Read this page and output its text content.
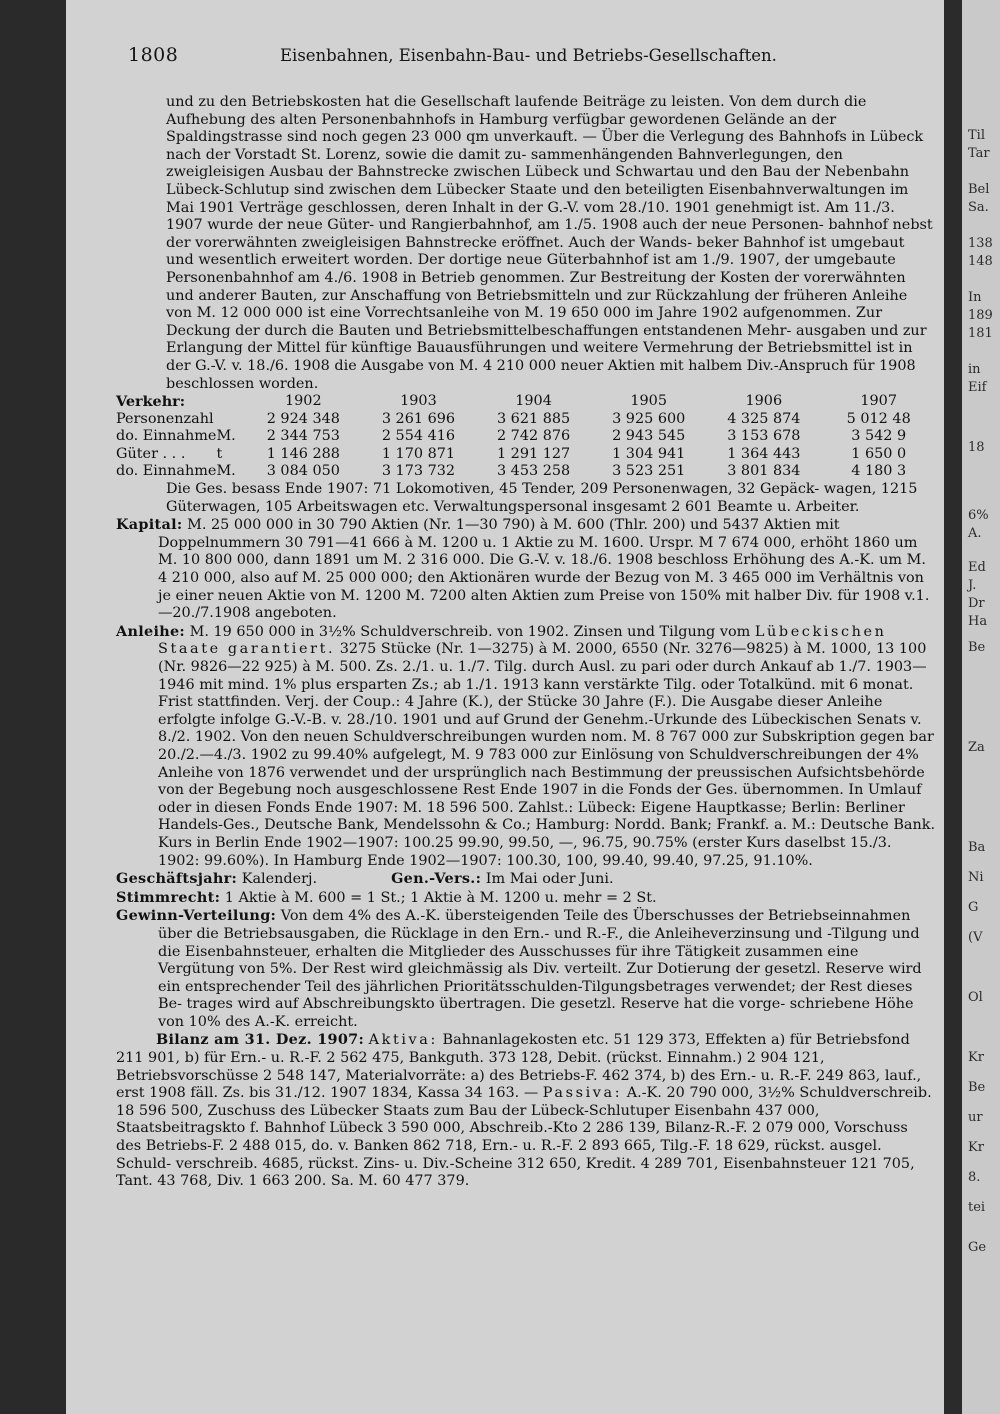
Til
Tar
Bel
Sa.
138
148
In
189
181
in
Eif
18
6%
A.
Ed
J.
Dr
Ha
Be
Za
Ba
Ni
G
(V
Ol
Kr
Be
ur
Kr
8.
tei
Ge
1808	Eisenbahnen, Eisenbahn-Bau- und Betriebs-Gesellschaften.
und zu den Betriebskosten hat die Gesellschaft laufende Beiträge zu leisten. Von dem durch die Aufhebung des alten Personenbahnhofs in Hamburg verfügbar gewordenen Gelände an der Spaldingstrasse sind noch gegen 23 000 qm unverkauft. — Über die Verlegung des Bahnhofs in Lübeck nach der Vorstadt St. Lorenz, sowie die damit zu- sammenhängenden Bahnverlegungen, den zweigleisigen Ausbau der Bahnstrecke zwischen Lübeck und Schwartau und den Bau der Nebenbahn Lübeck-Schlutup sind zwischen dem Lübecker Staate und den beteiligten Eisenbahnverwaltungen im Mai 1901 Verträge geschlossen, deren Inhalt in der G.-V. vom 28./10. 1901 genehmigt ist. Am 11./3. 1907 wurde der neue Güter- und Rangierbahnhof, am 1./5. 1908 auch der neue Personen- bahnhof nebst der vorerwähnten zweigleisigen Bahnstrecke eröffnet. Auch der Wands- beker Bahnhof ist umgebaut und wesentlich erweitert worden. Der dortige neue Güterbahnhof ist am 1./9. 1907, der umgebaute Personenbahnhof am 4./6. 1908 in Betrieb genommen. Zur Bestreitung der Kosten der vorerwähnten und anderer Bauten, zur Anschaffung von Betriebsmitteln und zur Rückzahlung der früheren Anleihe von M. 12 000 000 ist eine Vorrechtsanleihe von M. 19 650 000 im Jahre 1902 aufgenommen. Zur Deckung der durch die Bauten und Betriebsmittelbeschaffungen entstandenen Mehr- ausgaben und zur Erlangung der Mittel für künftige Bauausführungen und weitere Vermehrung der Betriebsmittel ist in der G.-V. v. 18./6. 1908 die Ausgabe von M. 4 210 000 neuer Aktien mit halbem Div.-Anspruch für 1908 beschlossen worden.
Verkehr:		1902	1903	1904	1905	1906	1907
Personenzahl		2 924 348	3 261 696	3 621 885	3 925 600	4 325 874	5 012 48
do. Einnahme	M.	2 344 753	2 554 416	2 742 876	2 943 545	3 153 678	3 542 9
Güter . . .	t	1 146 288	1 170 871	1 291 127	1 304 941	1 364 443	1 650 0
do. Einnahme	M.	3 084 050	3 173 732	3 453 258	3 523 251	3 801 834	4 180 3
Die Ges. besass Ende 1907: 71 Lokomotiven, 45 Tender, 209 Personenwagen, 32 Gepäck- wagen, 1215 Güterwagen, 105 Arbeitswagen etc. Verwaltungspersonal insgesamt 2 601 Beamte u. Arbeiter.
Kapital: M. 25 000 000 in 30 790 Aktien (Nr. 1—30 790) à M. 600 (Thlr. 200) und 5437 Aktien mit Doppelnummern 30 791—41 666 à M. 1200 u. 1 Aktie zu M. 1600. Urspr. M 7 674 000, erhöht 1860 um M. 10 800 000, dann 1891 um M. 2 316 000. Die G.-V. v. 18./6. 1908 beschloss Erhöhung des A.-K. um M. 4 210 000, also auf M. 25 000 000; den Aktionären wurde der Bezug von M. 3 465 000 im Verhältnis von je einer neuen Aktie von M. 1200 M. 7200 alten Aktien zum Preise von 150% mit halber Div. für 1908 v.1.—20./7.1908 angeboten.
Anleihe: M. 19 650 000 in 3½% Schuldverschreib. von 1902. Zinsen und Tilgung vom Lübeckischen Staate garantiert. 3275 Stücke (Nr. 1—3275) à M. 2000, 6550 (Nr. 3276—9825) à M. 1000, 13 100 (Nr. 9826—22 925) à M. 500. Zs. 2./1. u. 1./7. Tilg. durch Ausl. zu pari oder durch Ankauf ab 1./7. 1903—1946 mit mind. 1% plus ersparten Zs.; ab 1./1. 1913 kann verstärkte Tilg. oder Totalkünd. mit 6 monat. Frist stattfinden. Verj. der Coup.: 4 Jahre (K.), der Stücke 30 Jahre (F.). Die Ausgabe dieser Anleihe erfolgte infolge G.-V.-B. v. 28./10. 1901 und auf Grund der Genehm.-Urkunde des Lübeckischen Senats v. 8./2. 1902. Von den neuen Schuldverschreibungen wurden nom. M. 8 767 000 zur Subskription gegen bar 20./2.—4./3. 1902 zu 99.40% aufgelegt, M. 9 783 000 zur Einlösung von Schuldverschreibungen der 4% Anleihe von 1876 verwendet und der ursprünglich nach Bestimmung der preussischen Aufsichtsbehörde von der Begebung noch ausgeschlossene Rest Ende 1907 in die Fonds der Ges. übernommen. In Umlauf oder in diesen Fonds Ende 1907: M. 18 596 500. Zahlst.: Lübeck: Eigene Hauptkasse; Berlin: Berliner Handels-Ges., Deutsche Bank, Mendelssohn & Co.; Hamburg: Nordd. Bank; Frankf. a. M.: Deutsche Bank. Kurs in Berlin Ende 1902—1907: 100.25 99.90, 99.50, —, 96.75, 90.75% (erster Kurs daselbst 15./3. 1902: 99.60%). In Hamburg Ende 1902—1907: 100.30, 100, 99.40, 99.40, 97.25, 91.10%.
Geschäftsjahr: Kalenderj.	Gen.-Vers.: Im Mai oder Juni.
Stimmrecht: 1 Aktie à M. 600 = 1 St.; 1 Aktie à M. 1200 u. mehr = 2 St.
Gewinn-Verteilung: Von dem 4% des A.-K. übersteigenden Teile des Überschusses der Betriebseinnahmen über die Betriebsausgaben, die Rücklage in den Ern.- und R.-F., die Anleiheverzinsung und -Tilgung und die Eisenbahnsteuer, erhalten die Mitglieder des Ausschusses für ihre Tätigkeit zusammen eine Vergütung von 5%. Der Rest wird gleichmässig als Div. verteilt. Zur Dotierung der gesetzl. Reserve wird ein entsprechender Teil des jährlichen Prioritätsschulden-Tilgungsbetrages verwendet; der Rest dieses Be- trages wird auf Abschreibungskto übertragen. Die gesetzl. Reserve hat die vorge- schriebene Höhe von 10% des A.-K. erreicht.
Bilanz am 31. Dez. 1907: Aktiva: Bahnanlagekosten etc. 51 129 373, Effekten a) für Betriebsfond 211 901, b) für Ern.- u. R.-F. 2 562 475, Bankguth. 373 128, Debit. (rückst. Einnahm.) 2 904 121, Betriebsvorschüsse 2 548 147, Materialvorräte: a) des Betriebs-F. 462 374, b) des Ern.- u. R.-F. 249 863, lauf., erst 1908 fäll. Zs. bis 31./12. 1907 1834, Kassa 34 163. — Passiva: A.-K. 20 790 000, 3½% Schuldverschreib. 18 596 500, Zuschuss des Lübecker Staats zum Bau der Lübeck-Schlutuper Eisenbahn 437 000, Staatsbeitragskto f. Bahnhof Lübeck 3 590 000, Abschreib.-Kto 2 286 139, Bilanz-R.-F. 2 079 000, Vorschuss des Betriebs-F. 2 488 015, do. v. Banken 862 718, Ern.- u. R.-F. 2 893 665, Tilg.-F. 18 629, rückst. ausgel. Schuld- verschreib. 4685, rückst. Zins- u. Div.-Scheine 312 650, Kredit. 4 289 701, Eisenbahnsteuer 121 705, Tant. 43 768, Div. 1 663 200. Sa. M. 60 477 379.
